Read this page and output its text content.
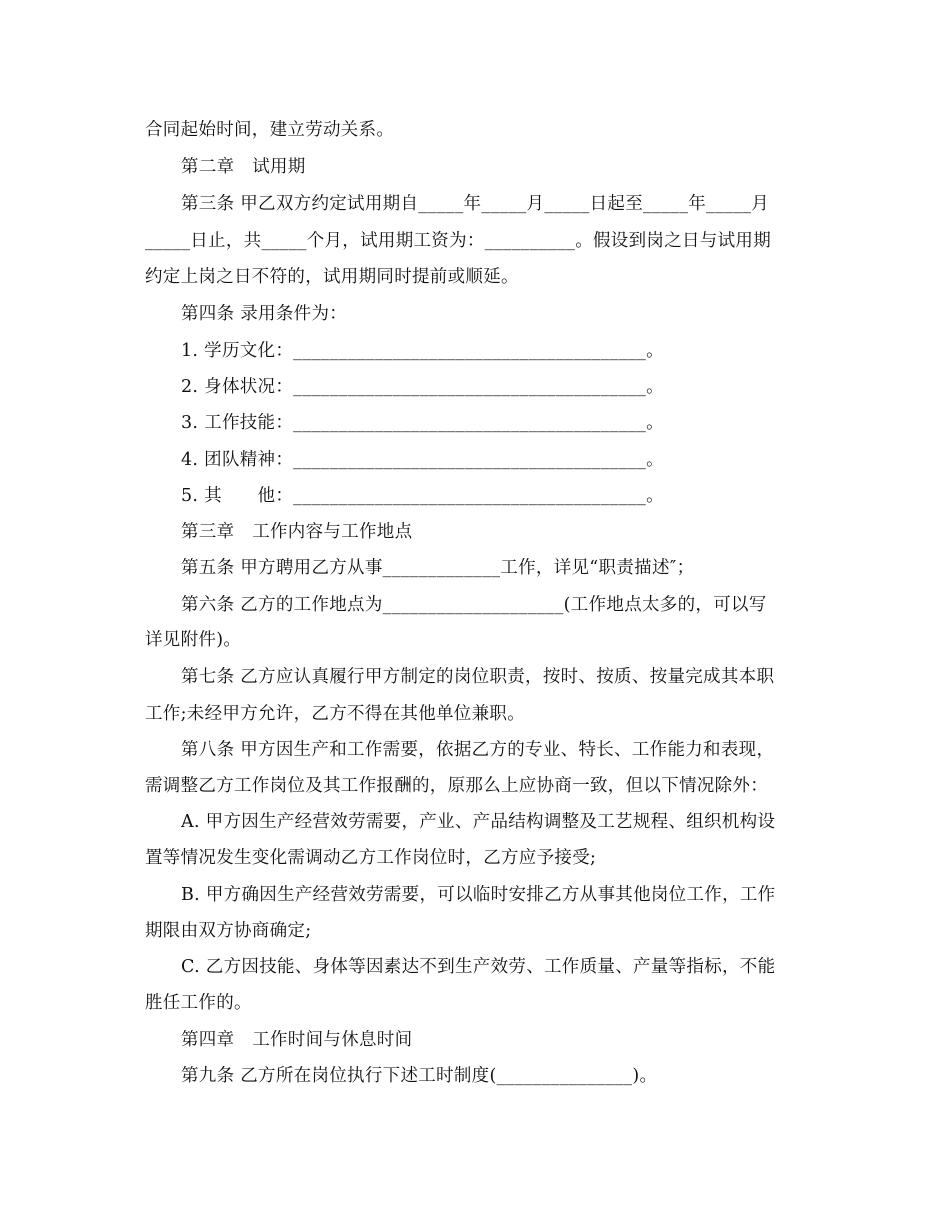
合同起始时间，建立劳动关系。
第二章　试用期
第三条 甲乙双方约定试用期自_____年_____月_____日起至_____年_____月
_____日止，共_____个月，试用期工资为：__________。假设到岗之日与试用期
约定上岗之日不符的，试用期同时提前或顺延。
第四条 录用条件为：
1. 学历文化：_______________________________________。
2. 身体状况：_______________________________________。
3. 工作技能：_______________________________________。
4. 团队精神：_______________________________________。
5. 其　　他：_______________________________________。
第三章　工作内容与工作地点
第五条 甲方聘用乙方从事_____________工作，详见“职责描述″；
第六条 乙方的工作地点为____________________(工作地点太多的，可以写
详见附件)。
第七条 乙方应认真履行甲方制定的岗位职责，按时、按质、按量完成其本职
工作;未经甲方允许，乙方不得在其他单位兼职。
第八条 甲方因生产和工作需要，依据乙方的专业、特长、工作能力和表现，
需调整乙方工作岗位及其工作报酬的，原那么上应协商一致，但以下情况除外：
A. 甲方因生产经营效劳需要，产业、产品结构调整及工艺规程、组织机构设
置等情况发生变化需调动乙方工作岗位时，乙方应予接受;
B. 甲方确因生产经营效劳需要，可以临时安排乙方从事其他岗位工作，工作
期限由双方协商确定;
C. 乙方因技能、身体等因素达不到生产效劳、工作质量、产量等指标，不能
胜任工作的。
第四章　工作时间与休息时间
第九条 乙方所在岗位执行下述工时制度(_______________)。
